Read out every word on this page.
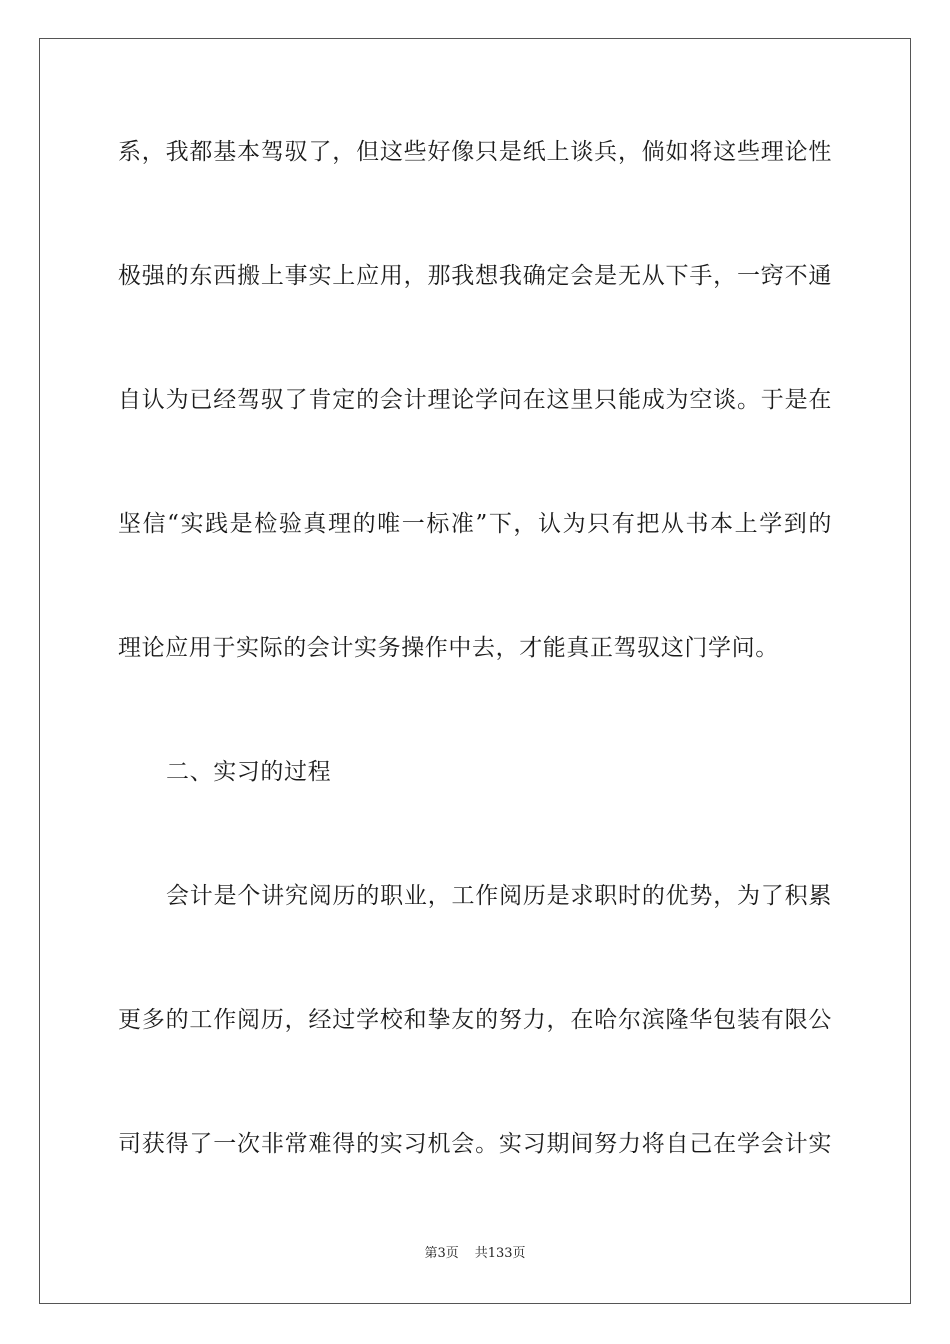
系，我都基本驾驭了，但这些好像只是纸上谈兵，倘如将这些理论性
极强的东西搬上事实上应用，那我想我确定会是无从下手，一窍不通
自认为已经驾驭了肯定的会计理论学问在这里只能成为空谈。于是在
坚信“实践是检验真理的唯一标准”下，认为只有把从书本上学到的
理论应用于实际的会计实务操作中去，才能真正驾驭这门学问。
二、实习的过程
会计是个讲究阅历的职业，工作阅历是求职时的优势，为了积累
更多的工作阅历，经过学校和挚友的努力，在哈尔滨隆华包装有限公
司获得了一次非常难得的实习机会。实习期间努力将自己在学会计实
第3页 共133页
